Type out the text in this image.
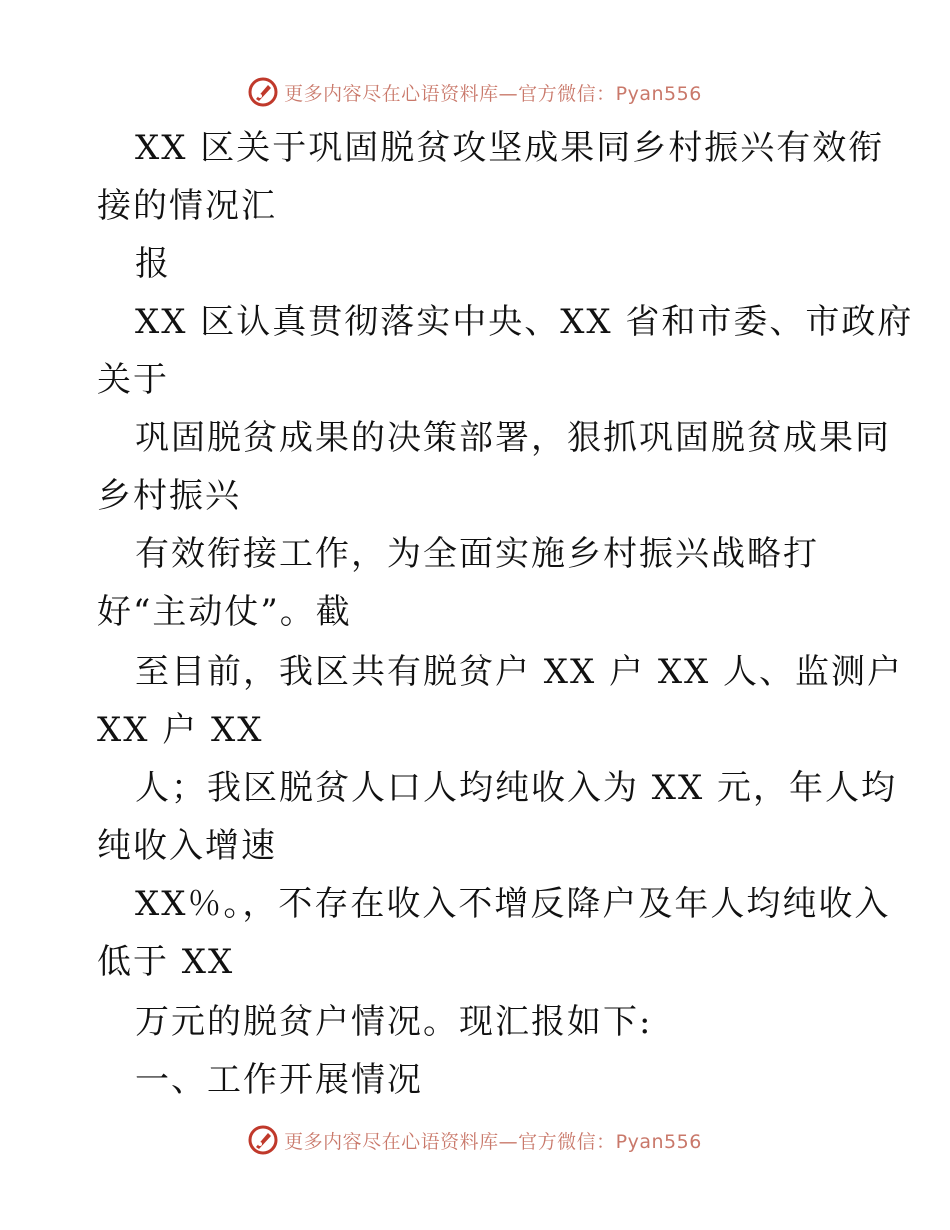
更多内容尽在心语资料库—官方微信：Pyan556
XX 区关于巩固脱贫攻坚成果同乡村振兴有效衔
接的情况汇
报
XX 区认真贯彻落实中央、XX 省和市委、市政府
关于
巩固脱贫成果的决策部署，狠抓巩固脱贫成果同
乡村振兴
有效衔接工作，为全面实施乡村振兴战略打
好“主动仗”。截
至目前，我区共有脱贫户 XX 户 XX 人、监测户
XX 户 XX
人；我区脱贫人口人均纯收入为 XX 元，年人均
纯收入增速
XX％。，不存在收入不增反降户及年人均纯收入
低于 XX
万元的脱贫户情况。现汇报如下:
一、工作开展情况
更多内容尽在心语资料库—官方微信：Pyan556
